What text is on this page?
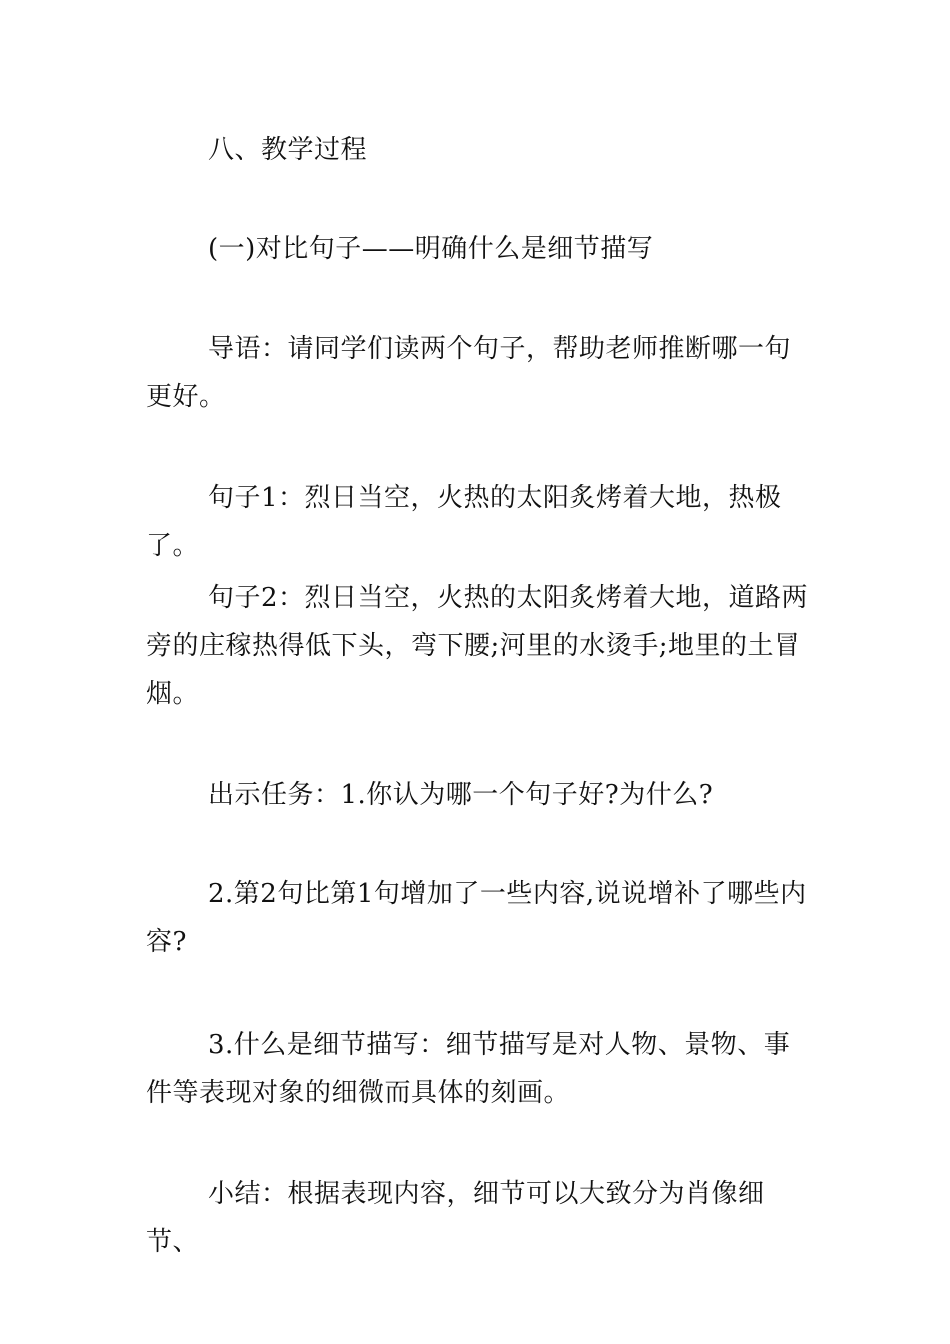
八、教学过程

(一)对比句子——明确什么是细节描写

导语：请同学们读两个句子，帮助老师推断哪一句更好。

句子1：烈日当空，火热的太阳炙烤着大地，热极了。

句子2：烈日当空，火热的太阳炙烤着大地，道路两旁的庄稼热得低下头，弯下腰;河里的水烫手;地里的土冒烟。

出示任务：1.你认为哪一个句子好?为什么?

2.第2句比第1句增加了一些内容,说说增补了哪些内容?

3.什么是细节描写：细节描写是对人物、景物、事件等表现对象的细微而具体的刻画。

小结：根据表现内容，细节可以大致分为肖像细节、
